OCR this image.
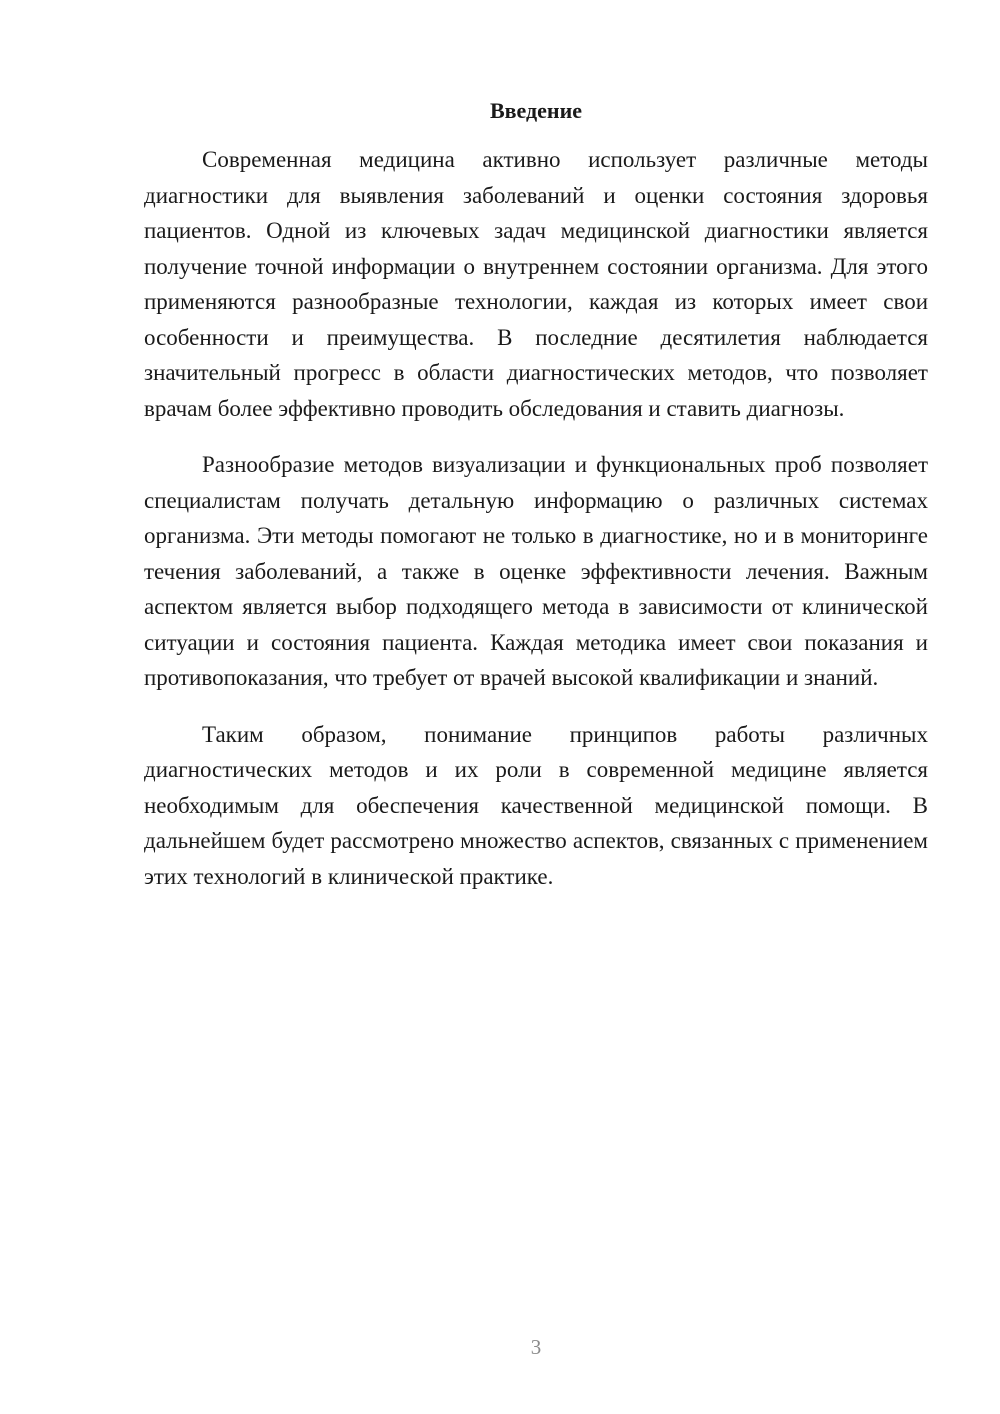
Введение

Современная медицина активно использует различные методы диагностики для выявления заболеваний и оценки состояния здоровья пациентов. Одной из ключевых задач медицинской диагностики является получение точной информации о внутреннем состоянии организма. Для этого применяются разнообразные технологии, каждая из которых имеет свои особенности и преимущества. В последние десятилетия наблюдается значительный прогресс в области диагностических методов, что позволяет врачам более эффективно проводить обследования и ставить диагнозы.

Разнообразие методов визуализации и функциональных проб позволяет специалистам получать детальную информацию о различных системах организма. Эти методы помогают не только в диагностике, но и в мониторинге течения заболеваний, а также в оценке эффективности лечения. Важным аспектом является выбор подходящего метода в зависимости от клинической ситуации и состояния пациента. Каждая методика имеет свои показания и противопоказания, что требует от врачей высокой квалификации и знаний.

Таким образом, понимание принципов работы различных диагностических методов и их роли в современной медицине является необходимым для обеспечения качественной медицинской помощи. В дальнейшем будет рассмотрено множество аспектов, связанных с применением этих технологий в клинической практике.

3
